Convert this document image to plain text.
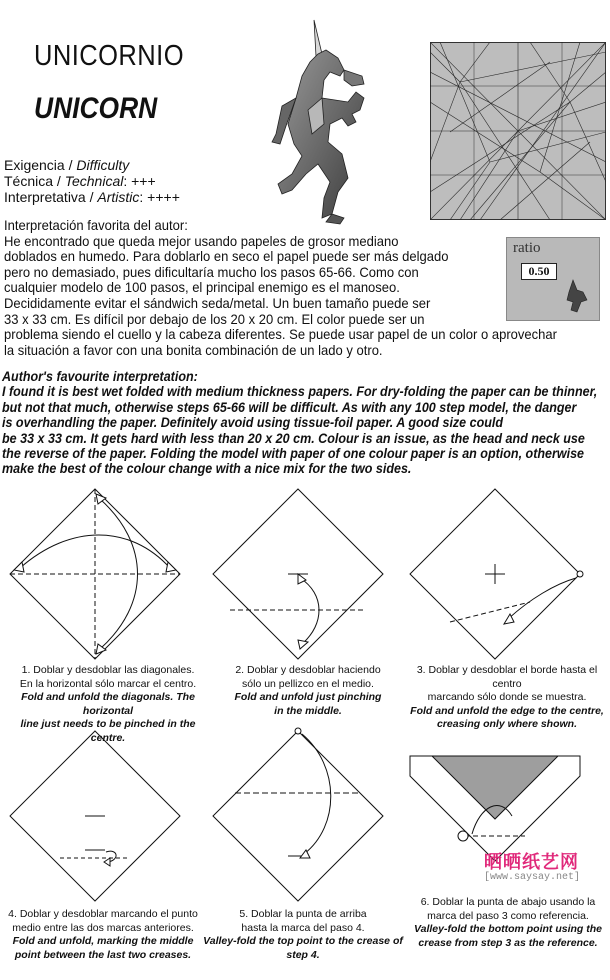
UNICORNIO
UNICORN
Exigencia / Difficulty
Técnica / Technical: +++
Interpretativa / Artistic: ++++
ratio
0.50
Interpretación favorita del autor:
He encontrado que queda mejor usando papeles de grosor mediano
doblados en humedo. Para doblarlo en seco el papel puede ser más delgado
pero no demasiado, pues dificultaría mucho los pasos 65-66. Como con
cualquier modelo de 100 pasos, el principal enemigo es el manoseo.
Decididamente evitar el sándwich seda/metal. Un buen tamaño puede ser
33 x 33 cm. Es difícil por debajo de los 20 x 20 cm. El color puede ser un
problema siendo el cuello y la cabeza diferentes. Se puede usar papel de un color o aprovechar
la situación a favor con una bonita combinación de un lado y otro.
Author's favourite interpretation:
I found it is best wet folded with medium thickness papers. For dry-folding the paper can be thinner,
but not that much, otherwise steps 65-66 will be difficult. As with any 100 step model, the danger
is overhandling the paper. Definitely avoid using tissue-foil paper. A good size could
be 33 x 33 cm. It gets hard with less than 20 x 20 cm. Colour is an issue, as the head and neck use
the reverse of the paper. Folding the model with paper of one colour paper is an option, otherwise
make the best of the colour change with a nice mix for the two sides.
1. Doblar y desdoblar las diagonales.
En la horizontal sólo marcar el centro.
Fold and unfold the diagonals. The horizontal
line just needs to be pinched in the centre.
2. Doblar y desdoblar haciendo
sólo un pellizco en el medio.
Fold and unfold just pinching
in the middle.
3. Doblar y desdoblar el borde hasta el centro
marcando sólo donde se muestra.
Fold and unfold the edge to the centre,
creasing only where shown.
4. Doblar y desdoblar marcando el punto
medio entre las dos marcas anteriores.
Fold and unfold, marking the middle
point between the last two creases.
5. Doblar la punta de arriba
hasta la marca del paso 4.
Valley-fold the top point to the crease of step 4.
6. Doblar la punta de abajo usando la
marca del paso 3 como referencia.
Valley-fold the bottom point using the
crease from step 3 as the reference.
晒晒纸艺网
[www.saysay.net]
